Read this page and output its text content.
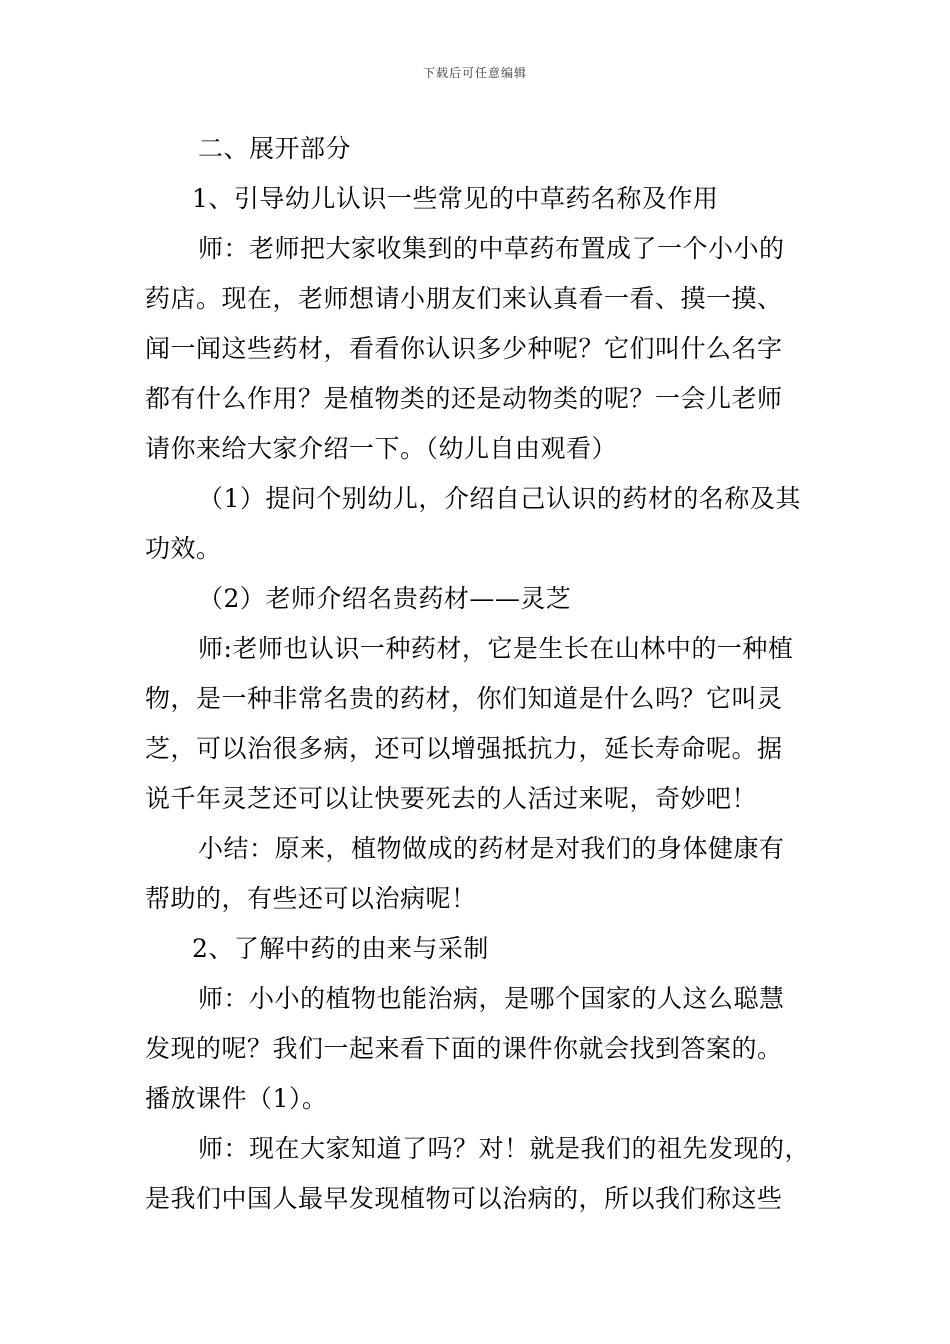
下载后可任意编辑
二、展开部分
1、引导幼儿认识一些常见的中草药名称及作用
师：老师把大家收集到的中草药布置成了一个小小的
药店。现在，老师想请小朋友们来认真看一看、摸一摸、
闻一闻这些药材，看看你认识多少种呢？它们叫什么名字
都有什么作用？是植物类的还是动物类的呢？一会儿老师
请你来给大家介绍一下。（幼儿自由观看）
（1）提问个别幼儿，介绍自己认识的药材的名称及其
功效。
（2）老师介绍名贵药材——灵芝
师:老师也认识一种药材，它是生长在山林中的一种植
物，是一种非常名贵的药材，你们知道是什么吗？它叫灵
芝，可以治很多病，还可以增强抵抗力，延长寿命呢。据
说千年灵芝还可以让快要死去的人活过来呢，奇妙吧！
小结：原来，植物做成的药材是对我们的身体健康有
帮助的，有些还可以治病呢！
2、了解中药的由来与采制
师：小小的植物也能治病，是哪个国家的人这么聪慧
发现的呢？我们一起来看下面的课件你就会找到答案的。
播放课件（1）。
师：现在大家知道了吗？对！就是我们的祖先发现的，
是我们中国人最早发现植物可以治病的，所以我们称这些
